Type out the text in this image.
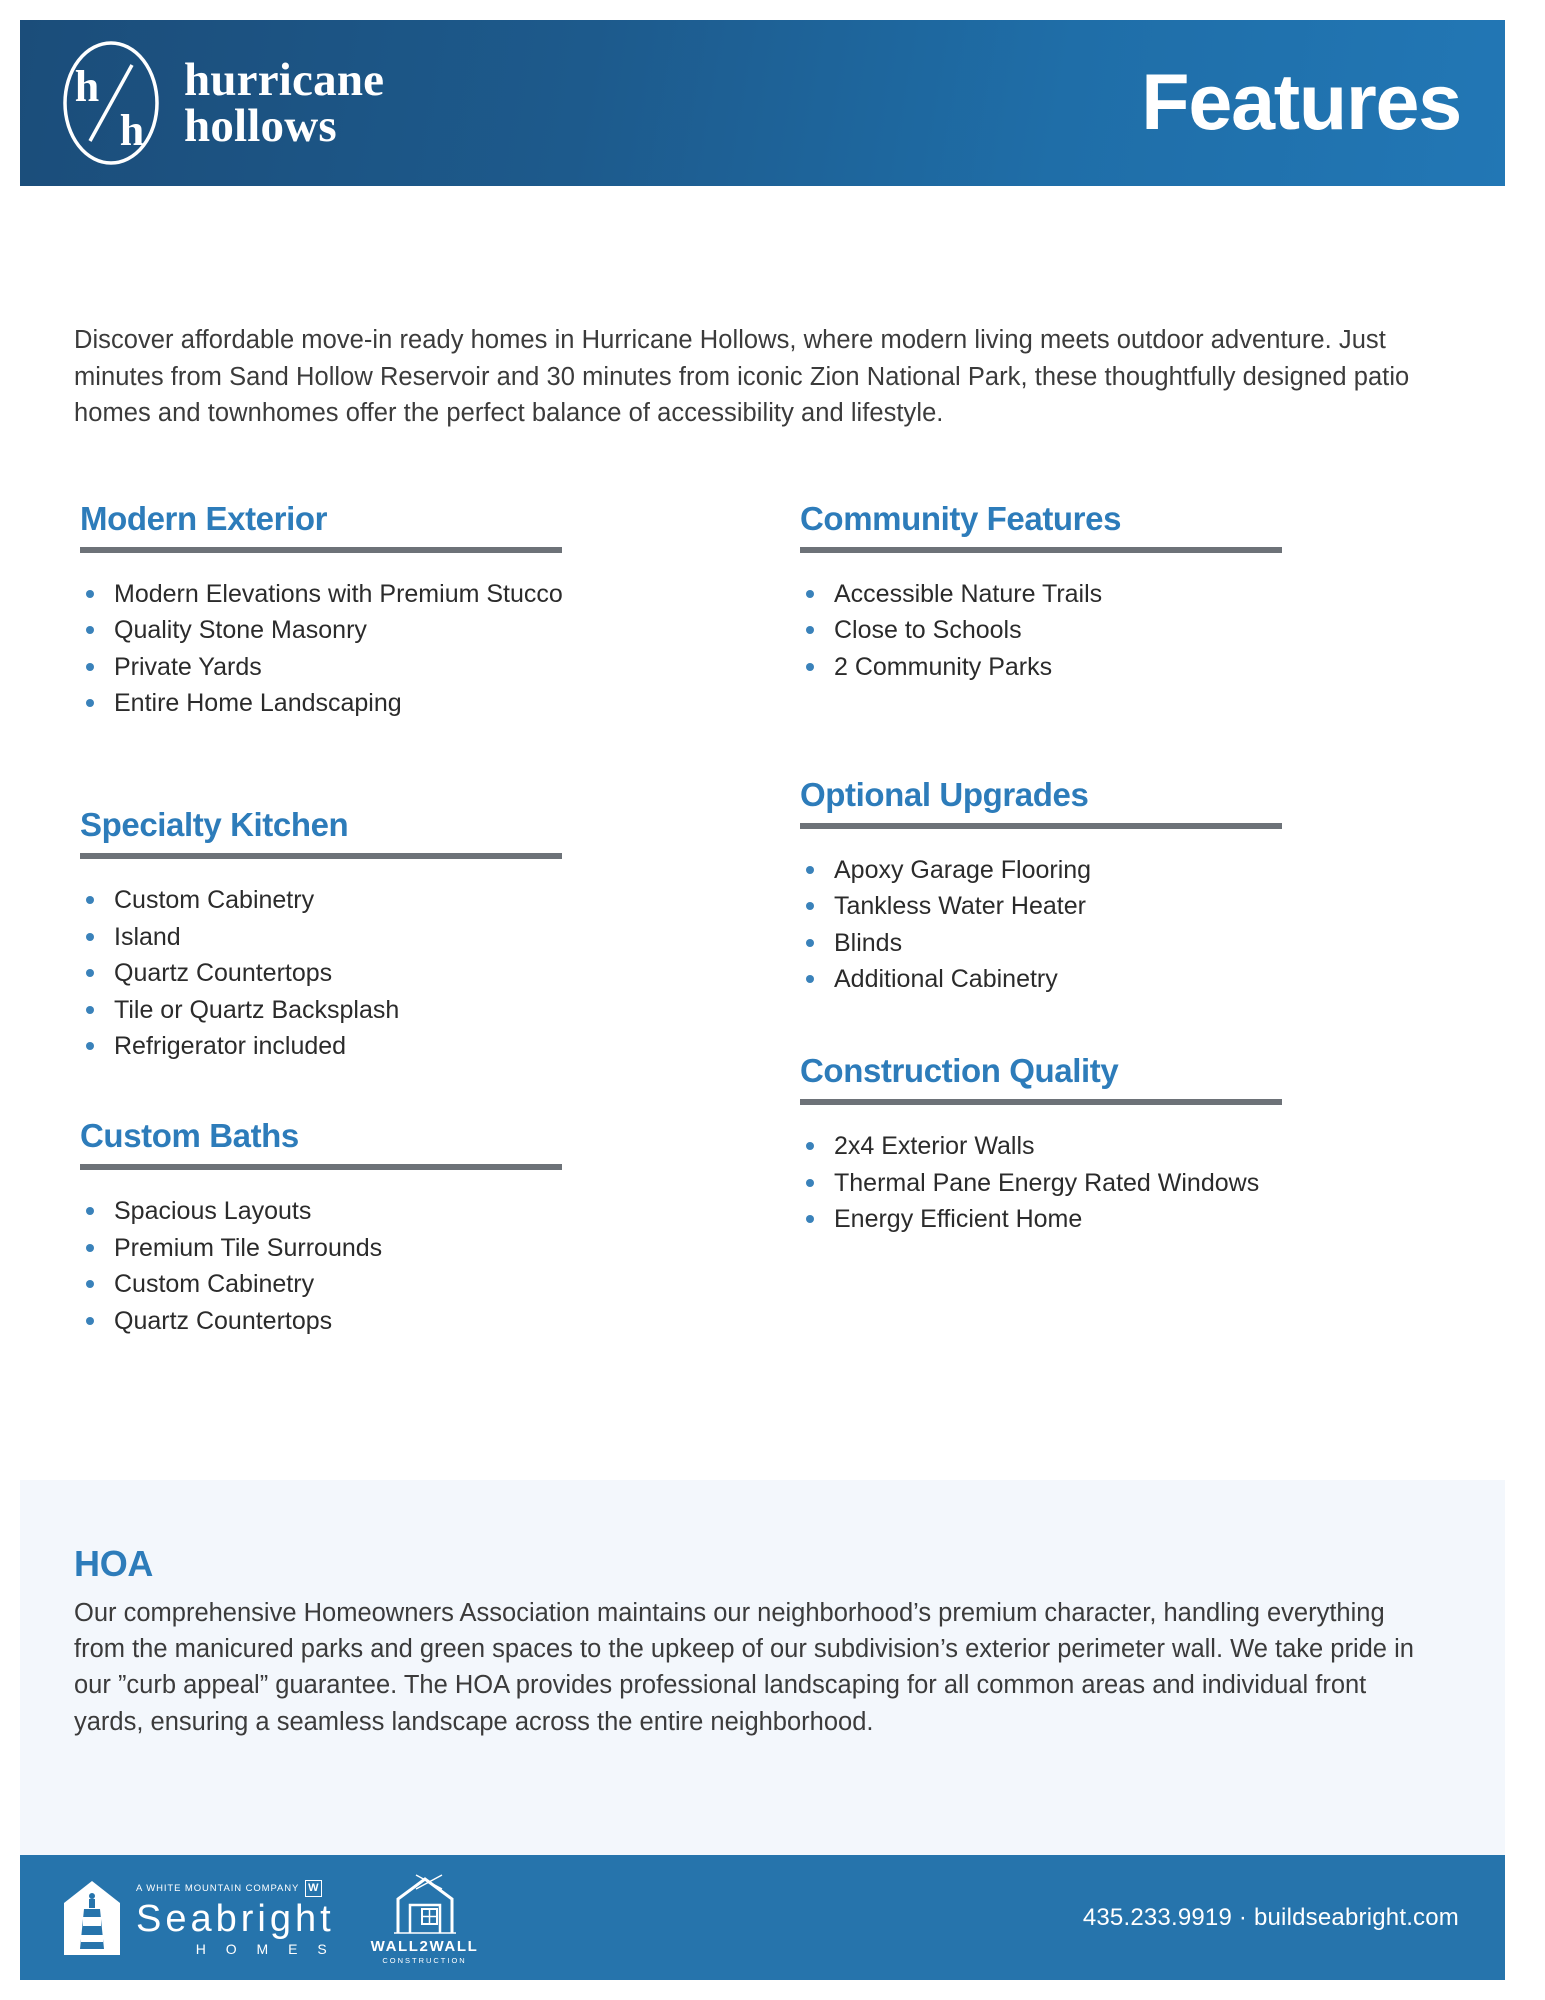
h
h
hurricane
hollows	Features

Discover affordable move-in ready homes in Hurricane Hollows, where modern living meets outdoor adventure. Just minutes from Sand Hollow Reservoir and 30 minutes from iconic Zion National Park, these thoughtfully designed patio homes and townhomes offer the perfect balance of accessibility and lifestyle.

Modern Exterior
Modern Elevations with Premium Stucco
Quality Stone Masonry
Private Yards
Entire Home Landscaping
Specialty Kitchen
Custom Cabinetry
Island
Quartz Countertops
Tile or Quartz Backsplash
Refrigerator included
Custom Baths
Spacious Layouts
Premium Tile Surrounds
Custom Cabinetry
Quartz Countertops
Community Features
Accessible Nature Trails
Close to Schools
2 Community Parks
Optional Upgrades
Apoxy Garage Flooring
Tankless Water Heater
Blinds
Additional Cabinetry
Construction Quality
2x4 Exterior Walls
Thermal Pane Energy Rated Windows
Energy Efficient Home
HOA
Our comprehensive Homeowners Association maintains our neighborhood’s premium character, handling everything from the manicured parks and green spaces to the upkeep of our subdivision’s exterior perimeter wall. We take pride in our ”curb appeal” guarantee. The HOA provides professional landscaping for all common areas and individual front yards, ensuring a seamless landscape across the entire neighborhood.
A WHITE MOUNTAIN COMPANY W
Seabright
H O M E S WALL2WALL
CONSTRUCTION
435.233.9919 · buildseabright.com
